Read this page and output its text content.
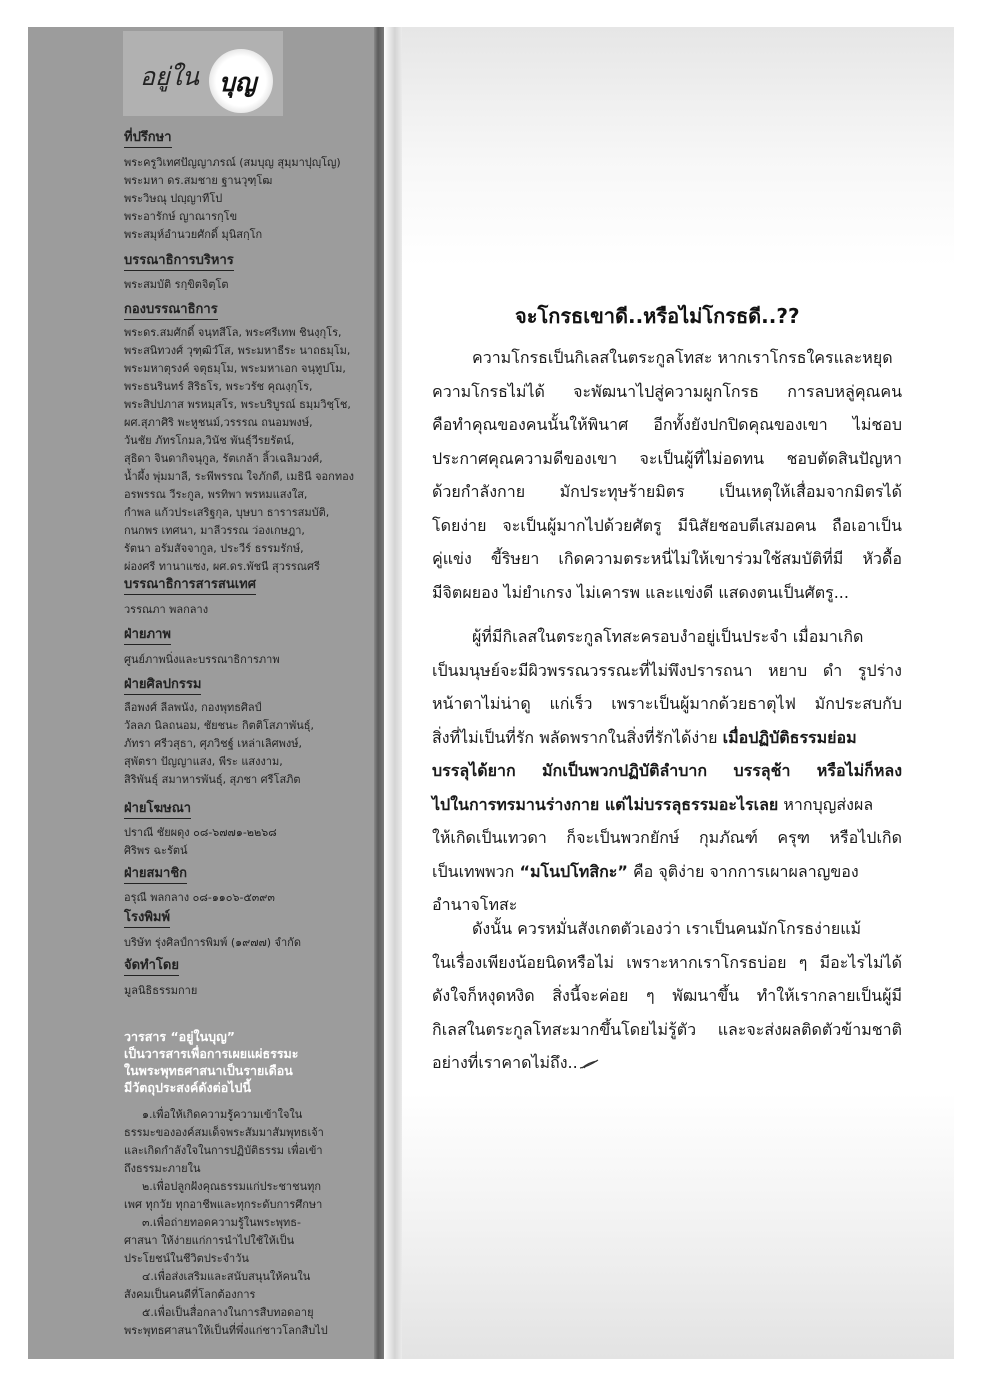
อยู่ใน บุญ
ที่ปรึกษา
พระครูวิเทศปัญญาภรณ์ (สมบุญ สุมฺมาปุญฺโญ)
พระมหา ดร.สมชาย ฐานวุฑฺโฒ
พระวิษณุ ปญฺญาทีโป
พระอารักษ์ ญาณารกฺโข
พระสมุห์อำนวยศักดิ์ มุนิสกฺโก
บรรณาธิการบริหาร
พระสมบัติ รกฺขิตจิตฺโต
กองบรรณาธิการ
พระดร.สมศักดิ์ จนฺทสีโล, พระศรีเทพ ชินงฺกุโร,
พระสนิทวงศ์ วุฑฺฒิวํโส, พระมหาธีระ นาถธมฺโม,
พระมหาตุรงค์ จตุธมฺโม, พระมหาเอก จนฺทูปโม,
พระธนรินทร์ สิริธโร, พระวรัช คุณงฺกุโร,
พระสิปปภาส พรหมฺสโร, พระบริบูรณ์ ธมฺมวิชฺโช,
ผศ.สุภาศิริ พะหูชนม์,วรรรณ ถนอมพงษ์,
วันชัย ภัทรโกมล,วินัช พันธุ์วีรยรัตน์,
สุธิดา จินดากิจนุกูล, รัตเกล้า ลิ้วเฉลิมวงศ์,
น้ำผึ้ง พุ่มมาลี, ระพีพรรณ ใจภักดี, เมธินี จอกทอง
อรพรรณ วีระกูล, พรทิพา พรหมแสงใส,
กำพล แก้วประเสริฐกุล, บุษบา ธารารสมบัติ,
กนกพร เทศนา, มาลีวรรณ ว่องเกษฎา,
รัตนา อรัมสัจจากูล, ประวีร์ ธรรมรักษ์,
ผ่องศรี ทานาแซง, ผศ.ดร.พัชนี สุวรรณศรี
บรรณาธิการสารสนเทศ
วรรณภา พลกลาง
ฝ่ายภาพ
ศูนย์ภาพนิ่งและบรรณาธิการภาพ
ฝ่ายศิลปกรรม
ลือพงศ์ ลีลพนัง, กองพุทธศิลป์
วัลลภ นิลถนอม, ชัยชนะ กิตติโสภาพันธุ์,
ภัทรา ศรีวสุธา, ศุภวิชฐ์ เหล่าเลิศพงษ์,
สุพัตรา ปัญญาแสง, พีระ แสงงาม,
สิริพันธุ์ สมาหารพันธุ์, สุภชา ศรีโสภิต
ฝ่ายโฆษณา
ปราณี ชัยผดุง ๐๘-๖๗๗๑-๒๒๖๘
ศิริพร ฉะรัตน์
ฝ่ายสมาชิก
อรุณี พลกลาง ๐๘-๑๑๐๖-๕๓๙๓
โรงพิมพ์
บริษัท รุ่งศิลป์การพิมพ์ (๑๙๗๗) จำกัด
จัดทำโดย
มูลนิธิธรรมกาย
วารสาร “อยู่ในบุญ”
เป็นวารสารเพื่อการเผยแผ่ธรรมะ
ในพระพุทธศาสนาเป็นรายเดือน
มีวัตถุประสงค์ดังต่อไปนี้
๑.เพื่อให้เกิดความรู้ความเข้าใจใน
ธรรมะขององค์สมเด็จพระสัมมาสัมพุทธเจ้า
และเกิดกำลังใจในการปฏิบัติธรรม เพื่อเข้า
ถึงธรรมะภายใน
๒.เพื่อปลูกฝังคุณธรรมแก่ประชาชนทุก
เพศ ทุกวัย ทุกอาชีพและทุกระดับการศึกษา
๓.เพื่อถ่ายทอดความรู้ในพระพุทธ-
ศาสนา ให้ง่ายแก่การนำไปใช้ให้เป็น
ประโยชน์ในชีวิตประจำวัน
๔.เพื่อส่งเสริมและสนับสนุนให้คนใน
สังคมเป็นคนดีที่โลกต้องการ
๕.เพื่อเป็นสื่อกลางในการสืบทอดอายุ
พระพุทธศาสนาให้เป็นที่พึ่งแก่ชาวโลกสืบไป
จะโกรธเขาดี..หรือไม่โกรธดี..??
ความโกรธเป็นกิเลสในตระกูลโทสะ หากเราโกรธใครและหยุด
ความโกรธไม่ได้ จะพัฒนาไปสู่ความผูกโกรธ การลบหลู่คุณคน
คือทำคุณของคนนั้นให้พินาศ อีกทั้งยังปกปิดคุณของเขา ไม่ชอบ
ประกาศคุณความดีของเขา จะเป็นผู้ที่ไม่อดทน ชอบตัดสินปัญหา
ด้วยกำลังกาย มักประทุษร้ายมิตร เป็นเหตุให้เสื่อมจากมิตรได้
โดยง่าย จะเป็นผู้มากไปด้วยศัตรู มีนิสัยชอบตีเสมอคน ถือเอาเป็น
คู่แข่ง ขี้ริษยา เกิดความตระหนี่ไม่ให้เขาร่วมใช้สมบัติที่มี หัวดื้อ
มีจิตผยอง ไม่ยำเกรง ไม่เคารพ และแข่งดี แสดงตนเป็นศัตรู...
ผู้ที่มีกิเลสในตระกูลโทสะครอบงำอยู่เป็นประจำ เมื่อมาเกิด
เป็นมนุษย์จะมีผิวพรรณวรรณะที่ไม่พึงปรารถนา หยาบ ดำ รูปร่าง
หน้าตาไม่น่าดู แก่เร็ว เพราะเป็นผู้มากด้วยธาตุไฟ มักประสบกับ
สิ่งที่ไม่เป็นที่รัก พลัดพรากในสิ่งที่รักได้ง่าย เมื่อปฏิบัติธรรมย่อม
บรรลุได้ยาก มักเป็นพวกปฏิบัติลำบาก บรรลุช้า หรือไม่ก็หลง
ไปในการทรมานร่างกาย แต่ไม่บรรลุธรรมอะไรเลย หากบุญส่งผล
ให้เกิดเป็นเทวดา ก็จะเป็นพวกยักษ์ กุมภัณฑ์ ครุฑ หรือไปเกิด
เป็นเทพพวก “มโนปโทสิกะ” คือ จุติง่าย จากการเผาผลาญของ
อำนาจโทสะ
ดังนั้น ควรหมั่นสังเกตตัวเองว่า เราเป็นคนมักโกรธง่ายแม้
ในเรื่องเพียงน้อยนิดหรือไม่ เพราะหากเราโกรธบ่อย ๆ มีอะไรไม่ได้
ดังใจก็หงุดหงิด สิ่งนี้จะค่อย ๆ พัฒนาขึ้น ทำให้เรากลายเป็นผู้มี
กิเลสในตระกูลโทสะมากขึ้นโดยไม่รู้ตัว และจะส่งผลติดตัวข้ามชาติ
อย่างที่เราคาดไม่ถึง..
